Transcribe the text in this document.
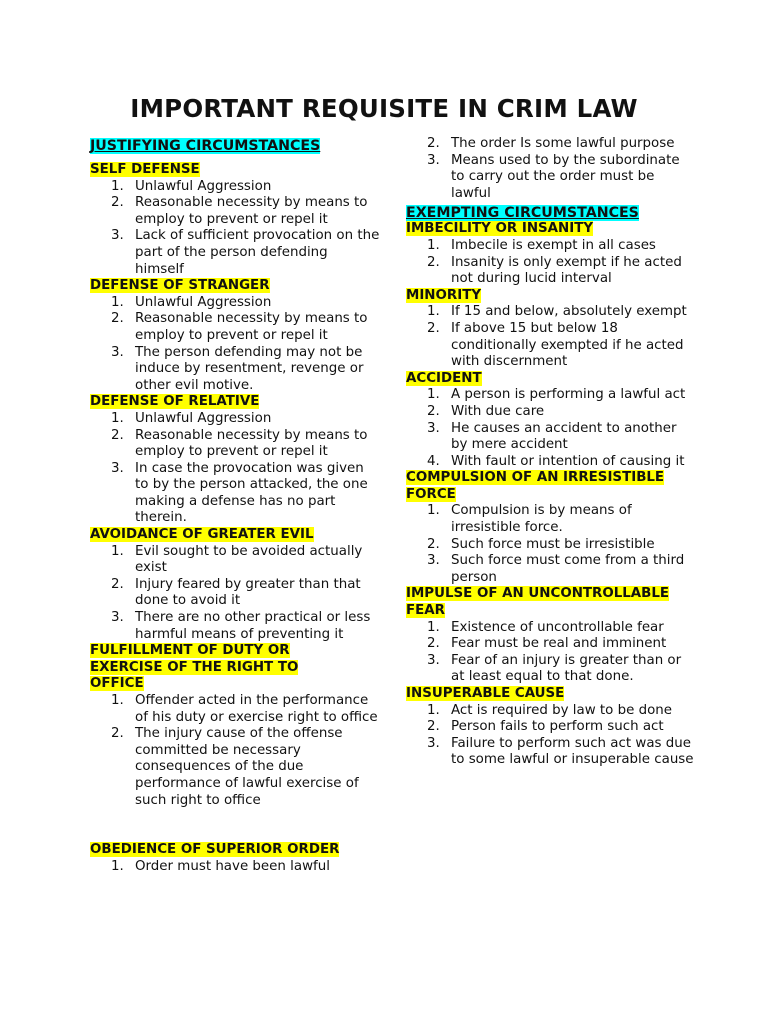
IMPORTANT REQUISITE IN CRIM LAW
JUSTIFYING CIRCUMSTANCES
SELF DEFENSE
1. Unlawful Aggression
2. Reasonable necessity by means to employ to prevent or repel it
3. Lack of sufficient provocation on the part of the person defending himself
DEFENSE OF STRANGER
1. Unlawful Aggression
2. Reasonable necessity by means to employ to prevent or repel it
3. The person defending may not be induce by resentment, revenge or other evil motive.
DEFENSE OF RELATIVE
1. Unlawful Aggression
2. Reasonable necessity by means to employ to prevent or repel it
3. In case the provocation was given to by the person attacked, the one making a defense has no part therein.
AVOIDANCE OF GREATER EVIL
1. Evil sought to be avoided actually exist
2. Injury feared by greater than that done to avoid it
3. There are no other practical or less harmful means of preventing it
FULFILLMENT OF DUTY OR
EXERCISE OF THE RIGHT TO
OFFICE
1. Offender acted in the performance of his duty or exercise right to office
2. The injury cause of the offense committed be necessary consequences of the due performance of lawful exercise of such right to office
OBEDIENCE OF SUPERIOR ORDER
1. Order must have been lawful
2. The order Is some lawful purpose
3. Means used to by the subordinate to carry out the order must be lawful
EXEMPTING CIRCUMSTANCES
IMBECILITY OR INSANITY
1. Imbecile is exempt in all cases
2. Insanity is only exempt if he acted not during lucid interval
MINORITY
1. If 15 and below, absolutely exempt
2. If above 15 but below 18 conditionally exempted if he acted with discernment
ACCIDENT
1. A person is performing a lawful act
2. With due care
3. He causes an accident to another by mere accident
4. With fault or intention of causing it
COMPULSION OF AN IRRESISTIBLE
FORCE
1. Compulsion is by means of irresistible force.
2. Such force must be irresistible
3. Such force must come from a third person
IMPULSE OF AN UNCONTROLLABLE
FEAR
1. Existence of uncontrollable fear
2. Fear must be real and imminent
3. Fear of an injury is greater than or at least equal to that done.
INSUPERABLE CAUSE
1. Act is required by law to be done
2. Person fails to perform such act
3. Failure to perform such act was due to some lawful or insuperable cause
